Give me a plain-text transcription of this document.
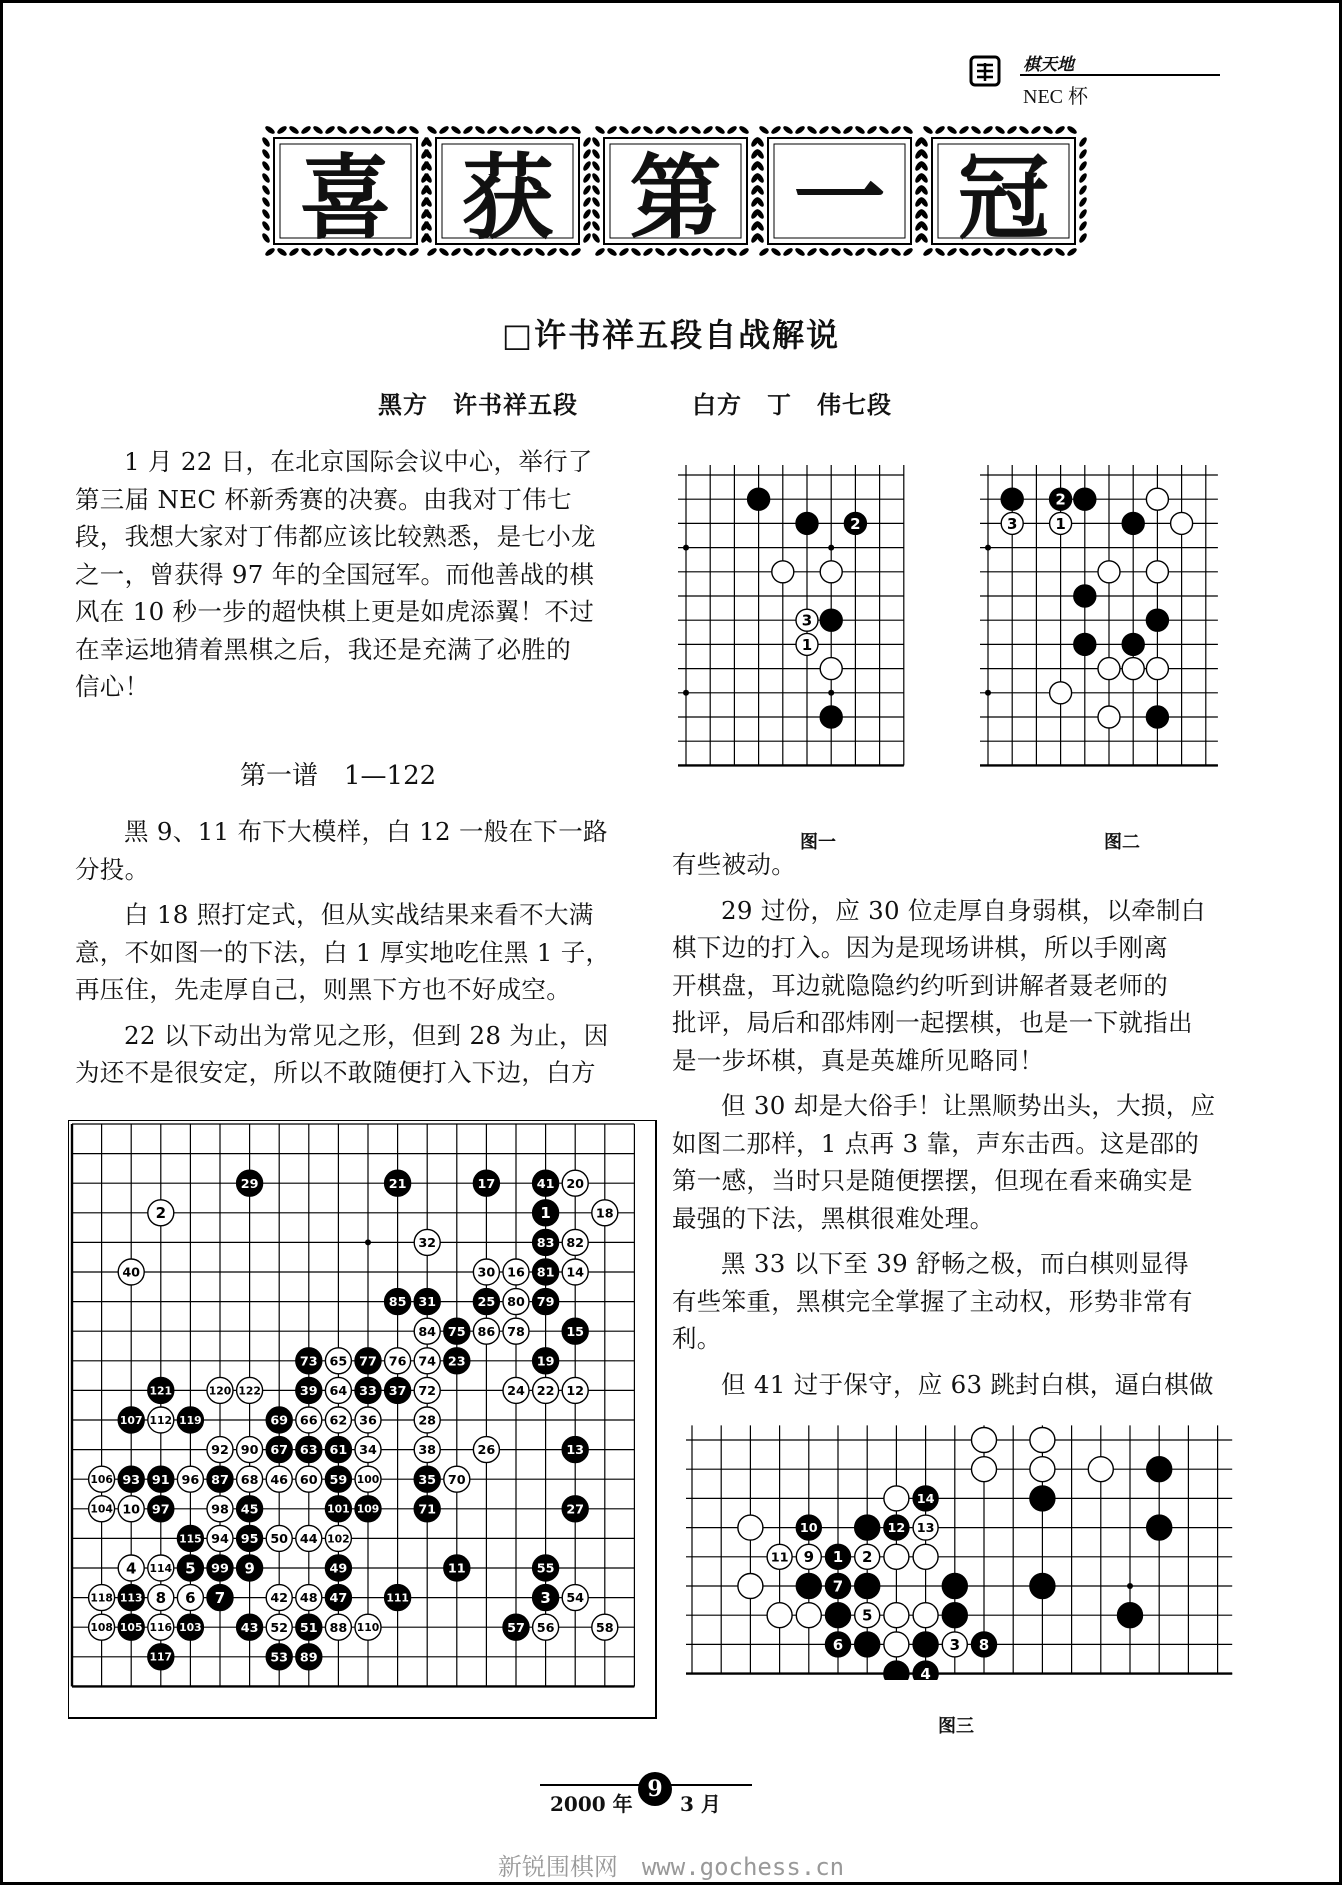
棋天地
NEC 杯
喜 获 第 一 冠
□许书祥五段自战解说
黑方　许书祥五段	白方　丁　伟七段

1 月 22 日，在北京国际会议中心，举行了

第三届 NEC 杯新秀赛的决赛。由我对丁伟七

段，我想大家对丁伟都应该比较熟悉，是七小龙

之一，曾获得 97 年的全国冠军。而他善战的棋

风在 10 秒一步的超快棋上更是如虎添翼！不过

在幸运地猜着黑棋之后，我还是充满了必胜的

信心！

第一谱　1—122

黑 9、11 布下大模样，白 12 一般在下一路

分投。

白 18 照打定式，但从实战结果来看不大满

意，不如图一的下法，白 1 厚实地吃住黑 1 子，

再压住，先走厚自己，则黑下方也不好成空。

22 以下动出为常见之形，但到 28 为止，因

为还不是很安定，所以不敢随便打入下边，白方

有些被动。

29 过份，应 30 位走厚自身弱棋，以牵制白

棋下边的打入。因为是现场讲棋，所以手刚离

开棋盘，耳边就隐隐约约听到讲解者聂老师的

批评，局后和邵炜刚一起摆棋，也是一下就指出

是一步坏棋，真是英雄所见略同！

但 30 却是大俗手！让黑顺势出头，大损，应

如图二那样，1 点再 3 靠，声东击西。这是邵的

第一感，当时只是随便摆摆，但现在看来确实是

最强的下法，黑棋很难处理。

黑 33 以下至 39 舒畅之极，而白棋则显得

有些笨重，黑棋完全掌握了主动权，形势非常有

利。

但 41 过于保守，应 63 跳封白棋，逼白棋做

2
3
1
图一
2
3	1
图二
29	21	17	41 20
2	1	18
32	83 82
40	30 16 81 14
85 31	25 80 79
84 75 86 78	15
73 65 77 76 74 23	19
121	120 122	39 64 33 37 72	24 22 12
107 112 119	69 66 62 36	28
92 90 67 63 61 34	38	26	13
106 93 91 96 87 68 46 60 59 100	35 70
104 10 97	98 45	101 109	71	27
115 94 95 50 44 102
4 114 5 99 9	49	11	55
118 113 8 6 7	42 48 47	111	3 54
108 105 116 103	43 52 51 88 110	57 56	58
117	53 89
14
10	12 13
11 9 1 2
7
5
6	3 8
4
图三
2000 年
9
3 月
新锐围棋网　www.gochess.cn
